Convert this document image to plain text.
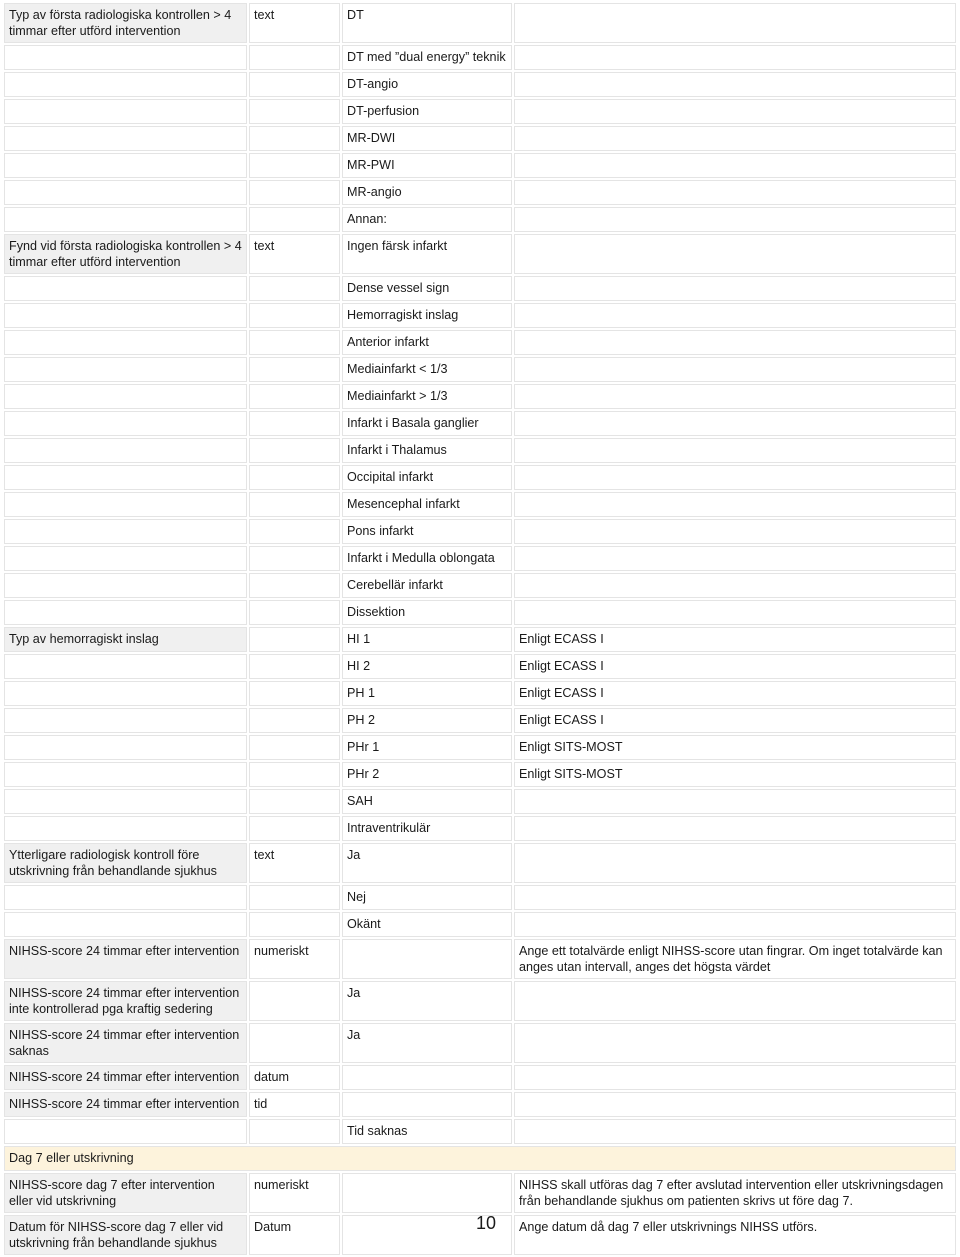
Typ av första radiologiska kontrollen > 4 timmar efter utförd intervention	text	DT	
		DT med ”dual energy” teknik	
		DT-angio	
		DT-perfusion	
		MR-DWI	
		MR-PWI	
		MR-angio	
		Annan:	
Fynd vid första radiologiska kontrollen > 4 timmar efter utförd intervention	text	Ingen färsk infarkt	
		Dense vessel sign	
		Hemorragiskt inslag	
		Anterior infarkt	
		Mediainfarkt < 1/3	
		Mediainfarkt > 1/3	
		Infarkt i Basala ganglier	
		Infarkt i Thalamus	
		Occipital infarkt	
		Mesencephal infarkt	
		Pons infarkt	
		Infarkt i Medulla oblongata	
		Cerebellär infarkt	
		Dissektion	
Typ av hemorragiskt inslag		HI 1	Enligt ECASS I
		HI 2	Enligt ECASS I
		PH 1	Enligt ECASS I
		PH 2	Enligt ECASS I
		PHr 1	Enligt SITS-MOST
		PHr 2	Enligt SITS-MOST
		SAH	
		Intraventrikulär	
Ytterligare radiologisk kontroll före utskrivning från behandlande sjukhus	text	Ja	
		Nej	
		Okänt	
NIHSS-score 24 timmar efter intervention	numeriskt		Ange ett totalvärde enligt NIHSS-score utan fingrar. Om inget totalvärde kan anges utan intervall, anges det högsta värdet
NIHSS-score 24 timmar efter intervention inte kontrollerad pga kraftig sedering		Ja	
NIHSS-score 24 timmar efter intervention saknas		Ja	
NIHSS-score 24 timmar efter intervention	datum		
NIHSS-score 24 timmar efter intervention	tid		
		Tid saknas	
Dag 7 eller utskrivning			
NIHSS-score dag 7 efter intervention eller vid utskrivning	numeriskt		NIHSS skall utföras dag 7 efter avslutad intervention eller utskrivningsdagen från behandlande sjukhus om patienten skrivs ut före dag 7.
Datum för NIHSS-score dag 7 eller vid utskrivning från behandlande sjukhus	Datum		Ange datum då dag 7 eller utskrivnings NIHSS utförs.
10
